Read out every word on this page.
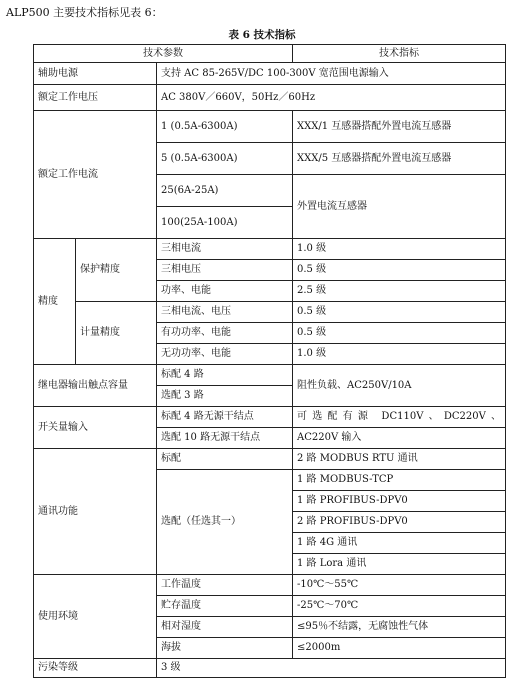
ALP500 主要技术指标见表 6：
表 6 技术指标
技术参数			技术指标
辅助电源		支持 AC 85-265V/DC 100-300V 宽范围电源输入	
额定工作电压		AC 380V／660V，50Hz／60Hz	
额定工作电流		1 (0.5A-6300A)	XXX/1 互感器搭配外置电流互感器
		5 (0.5A-6300A)	XXX/5 互感器搭配外置电流互感器
		25(6A-25A)	外置电流互感器
		100(25A-100A)	
精度	保护精度	三相电流	1.0 级
		三相电压	0.5 级
		功率、电能	2.5 级
	计量精度	三相电流、电压	0.5 级
		有功功率、电能	0.5 级
		无功功率、电能	1.0 级
继电器输出触点容量		标配 4 路	阻性负载、AC250V/10A
		选配 3 路	
开关量输入		标配 4 路无源干结点	可选配有源 DC110V、DC220V、
		选配 10 路无源干结点	AC220V 输入
通讯功能		标配	2 路 MODBUS RTU 通讯
		选配（任选其一）	1 路 MODBUS-TCP
			1 路 PROFIBUS-DPV0
			2 路 PROFIBUS-DPV0
			1 路 4G 通讯
			1 路 Lora 通讯
使用环境		工作温度	-10℃～55℃
		贮存温度	-25℃～70℃
		相对湿度	≤95％不结露，无腐蚀性气体
		海拔	≤2000m
污染等级		3 级	
